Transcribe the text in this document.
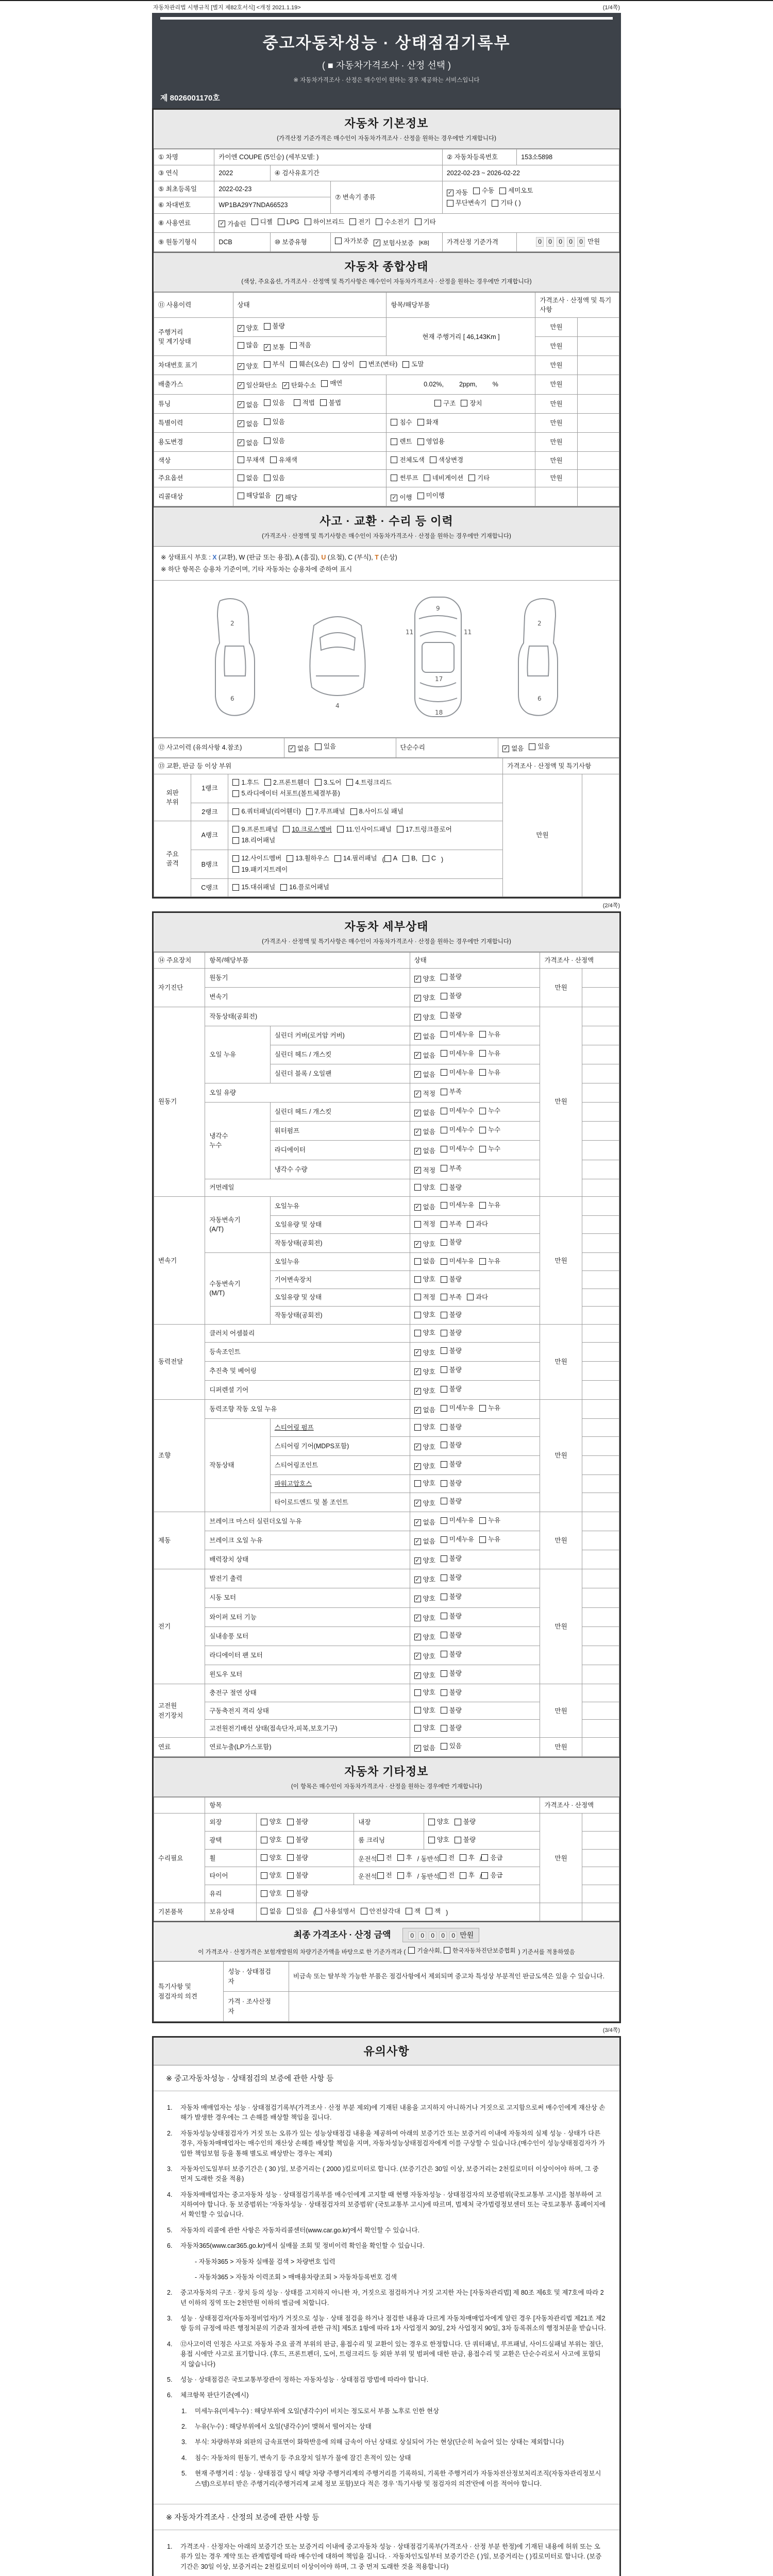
자동차관리법 시행규칙 [별지 제82호서식] <개정 2021.1.19>	(1/4쪽)
중고자동차성능 · 상태점검기록부
( ■ 자동차가격조사 · 산정 선택 )
※ 자동차가격조사 · 산정은 매수인이 원하는 경우 제공하는 서비스입니다
제 8026001170호
자동차 기본정보
(가격산정 기준가격은 매수인이 자동차가격조사 · 산정을 원하는 경우에만 기재합니다)
① 차명	카이엔 COUPE (5인승) (세부모델: )			② 자동차등록번호	153소5898
③ 연식	2022	④ 검사유효기간		2022-02-23 ~ 2026-02-22	
⑤ 최초등록일	2022-02-23	⑦ 변속기 종류	
✓ 자동 수동 세미오토

무단변속기 기타 ( )

⑥ 차대번호	WP1BA29Y7NDA66523				
⑧ 사용연료	✓ 가솔린 디젤 LPG 하이브리드 전기 수소전기 기타

⑨ 원동기형식	DCB	⑩ 보증유형	자가보증 ✓ 보험사보증 [KB]	가격산정 기준가격	0 0 0 0 0 만원
자동차 종합상태
(색상, 주요옵션, 가격조사 · 산정액 및 특기사항은 매수인이 자동차가격조사 · 산정을 원하는 경우에만 기재합니다)
⑪ 사용이력	상태	항목/해당부품	가격조사 · 산정액 및 특기사항	
주행거리
및 계기상태	✓ 양호 불량	현재 주행거리 [ 46,143Km ]	만원	

	많음 ✓ 보통 적음		만원	
차대번호 표기	✓ 양호 부식 훼손(오손) 상이 변조(변타) 도말	만원	
배출가스	✓ 일산화탄소 ✓ 탄화수소 매연	0.02%, 2ppm, %	만원	
튜닝	✓ 없음 있음
적법 불법	구조 장치	만원	
특별이력	✓ 없음 있음	침수 화재	만원	
용도변경	✓ 없음 있음	렌트 영업용	만원	
색상	무채색 유채색	전체도색 색상변경	만원	
주요옵션	없음 있음	썬루프 네비게이션 기타	만원	
리콜대상	해당없음 ✓ 해당	✓ 이행 미이행		

사고 · 교환 · 수리 등 이력
(가격조사 · 산정액 및 특기사항은 매수인이 자동차가격조사 · 산정을 원하는 경우에만 기재합니다)
※ 상태표시 부호 : X (교환), W (판금 또는 용접), A (흠집), U (요철), C (부식), T (손상)
※ 하단 항목은 승용차 기준이며, 기타 자동차는 승용차에 준하여 표시
2
6
4
9
11	11
17
18
2
6
⑫ 사고이력 (유의사항 4.참조)	✓ 없음 있음	단순수리	✓ 없음 있음
⑬ 교환, 판금 등 이상 부위			가격조사 · 산정액 및 특기사항	
외판
부위	1랭크	1.후드 2.프론트휀더 3.도어 4.트렁크리드

5.라디에이터 서포트(볼트체결부품)	만원	
	2랭크	6.쿼터패널(리어휀더) 7.루프패널 8.사이드실 패널		

주요
골격	A랭크	9.프론트패널 10.크로스멤버 11.인사이드패널 17.트렁크플로어

18.리어패널		

B랭크	
12.사이드멤버 13.휠하우스 14.필러패널 ( A B, C )

19.패키지트레이

	C랭크	15.대쉬패널 16.플로어패널		
(2/4쪽)
자동차 세부상태
(가격조사 · 산정액 및 특기사항은 매수인이 자동차가격조사 · 산정을 원하는 경우에만 기재합니다)
⑭ 주요장치	항목/해당부품		상태	가격조사 · 산정액	
자기진단	원동기		✓ 양호 불량	만원	
	변속기		✓ 양호 불량		

원동기	작동상태(공회전)		✓ 양호 불량	만원	
	오일 누유	실린더 커버(로커암 커버)	✓ 없음 미세누유 누유		

		실린더 헤드 / 개스킷	✓ 없음 미세누유 누유		

		실린더 블록 / 오일팬	✓ 없음 미세누유 누유		

	오일 유량		✓ 적정 부족		

	냉각수
누수	실린더 헤드 / 개스킷	✓ 없음 미세누수 누수		

		워터펌프	✓ 없음 미세누수 누수		

		라디에이터	✓ 없음 미세누수 누수		

		냉각수 수량	✓ 적정 부족		

	커먼레일		양호 불량		

변속기	자동변속기
(A/T)	오일누유	✓ 없음 미세누유 누유	만원	
		오일유량 및 상태	적정 부족 과다		

		작동상태(공회전)	✓ 양호 불량		

	수동변속기
(M/T)	오일누유	없음 미세누유 누유		

		기어변속장치	양호 불량		

		오일유량 및 상태	적정 부족 과다		

		작동상태(공회전)	양호 불량		

동력전달	클러치 어셈블리		양호 불량	만원	
	등속조인트		✓ 양호 불량		

	추진축 및 베어링		✓ 양호 불량		

	디퍼렌셜 기어		✓ 양호 불량		

조향	동력조향 작동 오일 누유		✓ 없음 미세누유 누유	만원	
	작동상태	스티어링 펌프	양호 불량		

		스티어링 기어(MDPS포함)	✓ 양호 불량		

		스티어링조인트	✓ 양호 불량		

		파워고압호스	양호 불량		

		타이로드엔드 및 볼 조인트	✓ 양호 불량		

제동	브레이크 마스터 실린더오일 누유		✓ 없음 미세누유 누유	만원	
	브레이크 오일 누유		✓ 없음 미세누유 누유		

	배력장치 상태		✓ 양호 불량		

전기	발전기 출력		✓ 양호 불량	만원	
	시동 모터		✓ 양호 불량		

	와이퍼 모터 기능		✓ 양호 불량		

	실내송풍 모터		✓ 양호 불량		

	라디에이터 팬 모터		✓ 양호 불량		

	윈도우 모터		✓ 양호 불량		

고전원
전기장치	충전구 절연 상태		양호 불량	만원	
	구동축전지 격리 상태		양호 불량		

	고전원전기배선 상태(접속단자,피복,보호기구)		양호 불량		

연료	연료누출(LP가스포함)		✓ 없음 있음	만원	
자동차 기타정보
(이 항목은 매수인이 자동차가격조사 · 산정을 원하는 경우에만 기재합니다)
	항목				가격조사 · 산정액	
수리필요	외장	양호 불량	내장	양호 불량	만원	
	광택	양호 불량	룸 크리닝	양호 불량		

휠	양호 불량	운전석 전 후 / 동반석 전 후 / 응급

타이어	양호 불량	운전석 전 후 / 동반석 전 후 / 응급

	유리	양호 불량				

기본품목	보유상태	없음 있음 ( 사용설명서 안전삼각대 잭 잭 )		
최종 가격조사 · 산정 금액	0 0 0 0 0 만원
이 가격조사 · 산정가격은 보험개발원의 차량기준가액을 바탕으로 한 기준가격과 ( 기술사회, 한국자동차진단보증협회 ) 기준서를 적용하였음
특기사항 및
점검자의 의견	성능 · 상태점검
자	비금속 또는 탈부착 가능한 부품은 점검사항에서 제외되며 중고차 특성상 부분적인 판금도색은 있을 수 있습니다.
	가격 · 조사산정
자	
(3/4쪽)
유의사항
※ 중고자동차성능 · 상태점검의 보증에 관한 사항 등
1.	자동차 매매업자는 성능 · 상태점검기록부(가격조사 · 산정 부분 제외)에 기재된 내용을 고지하지 아니하거나 거짓으로 고지함으로써 매수인에게 재산상 손해가 발생한 경우에는 그 손해를 배상할 책임을 집니다.
2.	자동차성능상태점검자가 거짓 또는 오류가 있는 성능상태점검 내용을 제공하여 아래의 보증기간 또는 보증거리 이내에 자동차의 실제 성능 · 상태가 다른 경우, 자동차매매업자는 매수인의 재산상 손해를 배상할 책임을 지며, 자동차성능상태점검자에게 이를 구상할 수 있습니다.(매수인이 성능상태점검자가 가입한 책임보험 등을 통해 별도로 배상받는 경우는 제외)
3.	자동차인도일부터 보증기간은 ( 30 )일, 보증거리는 ( 2000 )킬로미터로 합니다. (보증기간은 30일 이상, 보증거리는 2천킬로미터 이상이어야 하며, 그 중 먼저 도래한 것을 적용)
4.	자동차매매업자는 중고자동차 성능 · 상태점검기록부를 매수인에게 고지할 때 현행 자동차성능 · 상태점검자의 보증범위(국토교통부 고시)를 첨부하여 고지하여야 합니다. 동 보증범위는 '자동차성능 · 상태점검자의 보증범위' (국토교통부 고시)에 따르며, 법제처 국가법령정보센터 또는 국토교통부 홈페이지에서 확인할 수 있습니다.
5.	자동차의 리콜에 관한 사항은 자동차리콜센터(www.car.go.kr)에서 확인할 수 있습니다.
6.	자동차365(www.car365.go.kr)에서 실매물 조회 및 정비이력 확인을 확인할 수 있습니다.
- 자동차365 > 자동차 실매물 검색 > 차량번호 입력
- 자동차365 > 자동차 이력조회 > 매매용차량조회 > 자동차등록번호 검색
2.	중고자동차의 구조 · 장치 등의 성능 · 상태를 고지하지 아니한 자, 거짓으로 점검하거나 거짓 고지한 자는 [자동차관리법] 제 80조 제6호 및 제7호에 따라 2년 이하의 징역 또는 2천만원 이하의 벌금에 처합니다.
3.	성능 · 상태점검자(자동차정비업자)가 거짓으로 성능 · 상태 점검을 하거나 점검한 내용과 다르게 자동차매매업자에게 알린 경우 [자동차관리법 제21조 제2항 등의 규정에 따른 행정처분의 기준과 절차에 관한 규칙] 제5조 1항에 따라 1차 사업정지 30일, 2차 사업정지 90일, 3차 등록취소의 행정처분을 받습니다.
4.	⑫사고이력 인정은 사고로 자동차 주요 골격 부위의 판금, 용접수리 및 교환이 있는 경우로 한정합니다. 단 쿼터패널, 루프패널, 사이드실패널 부위는 절단, 용접 시에만 사고로 표기합니다. (후드, 프론트펜더, 도어, 트렁크리드 등 외판 부위 및 범퍼에 대한 판금, 용접수리 및 교환은 단순수리로서 사고에 포함되지 않습니다)
5.	성능 · 상태점검은 국토교통부장관이 정하는 자동차성능 · 상태점검 방법에 따라야 합니다.
6.	체크항목 판단기준(예시)
1.	미세누유(미세누수) : 해당부위에 오일(냉각수)이 비치는 정도로서 부품 노후로 인한 현상
2.	누유(누수) : 해당부위에서 오일(냉각수)이 맺혀서 떨어지는 상태
3.	부식: 차량하부와 외판의 금속표면이 화학반응에 의해 금속이 아닌 상태로 상실되어 가는 현상(단순히 녹슬어 있는 상태는 제외합니다)
4.	침수: 자동차의 원동기, 변속기 등 주요장치 일부가 물에 잠긴 흔적이 있는 상태
5.	현재 주행거리 : 성능 · 상태점검 당시 해당 차량 주행거리계의 주행거리를 기록하되, 기록한 주행거리가 자동차전산정보처리조직(자동차관리정보시스템)으로부터 받은 주행거리(주행거리계 교체 정보 포함)보다 적은 경우 '특기사항 및 점검자의 의견'란에 이를 적어야 합니다.
※ 자동차가격조사 · 산정의 보증에 관한 사항 등
1.	가격조사 · 산정자는 아래의 보증기간 또는 보증거리 이내에 중고자동차 성능 · 상태점검기록부(가격조사 · 산정 부분 한정)에 기재된 내용에 허위 또는 오류가 있는 경우 계약 또는 관계법령에 따라 매수인에 대하여 책임을 집니다. · 자동차인도일부터 보증기간은 ( )일, 보증거리는 ( )킬로미터로 합니다. (보증기간은 30일 이상, 보증거리는 2천킬로미터 이상이어야 하며, 그 중 먼저 도래한 것을 적용합니다)
